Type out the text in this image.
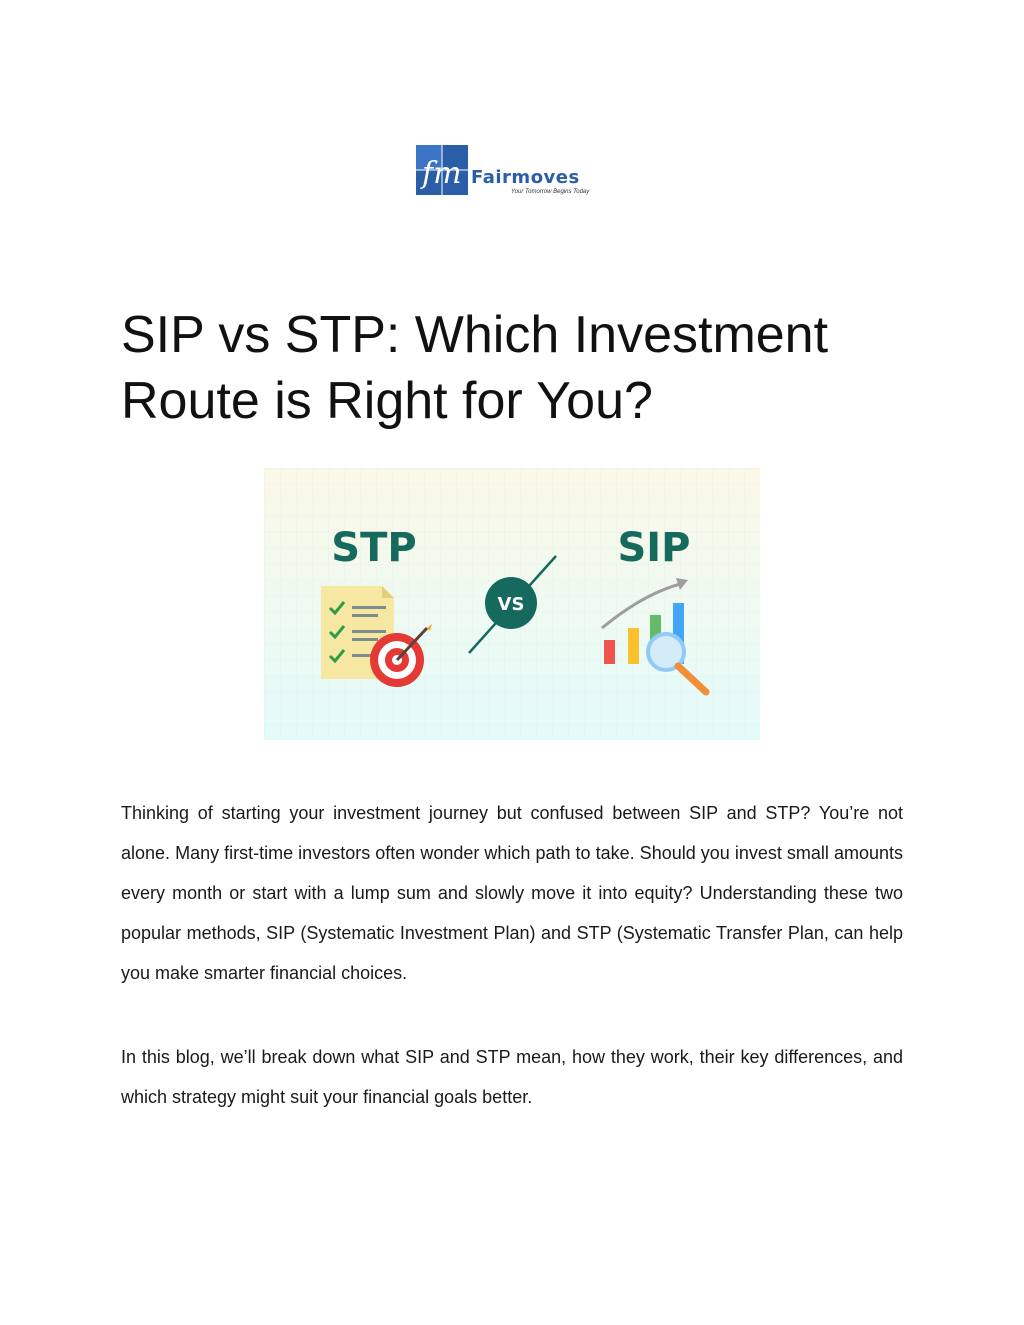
fm Fairmoves
Your Tomorrow Begins Today
SIP vs STP: Which Investment Route is Right for You?
STP	SIP
VS

Thinking of starting your investment journey but confused between SIP and STP? You’re not alone. Many first-time investors often wonder which path to take. Should you invest small amounts every month or start with a lump sum and slowly move it into equity? Understanding these two popular methods, SIP (Systematic Investment Plan) and STP (Systematic Transfer Plan, can help you make smarter financial choices.

In this blog, we’ll break down what SIP and STP mean, how they work, their key differences, and which strategy might suit your financial goals better.
